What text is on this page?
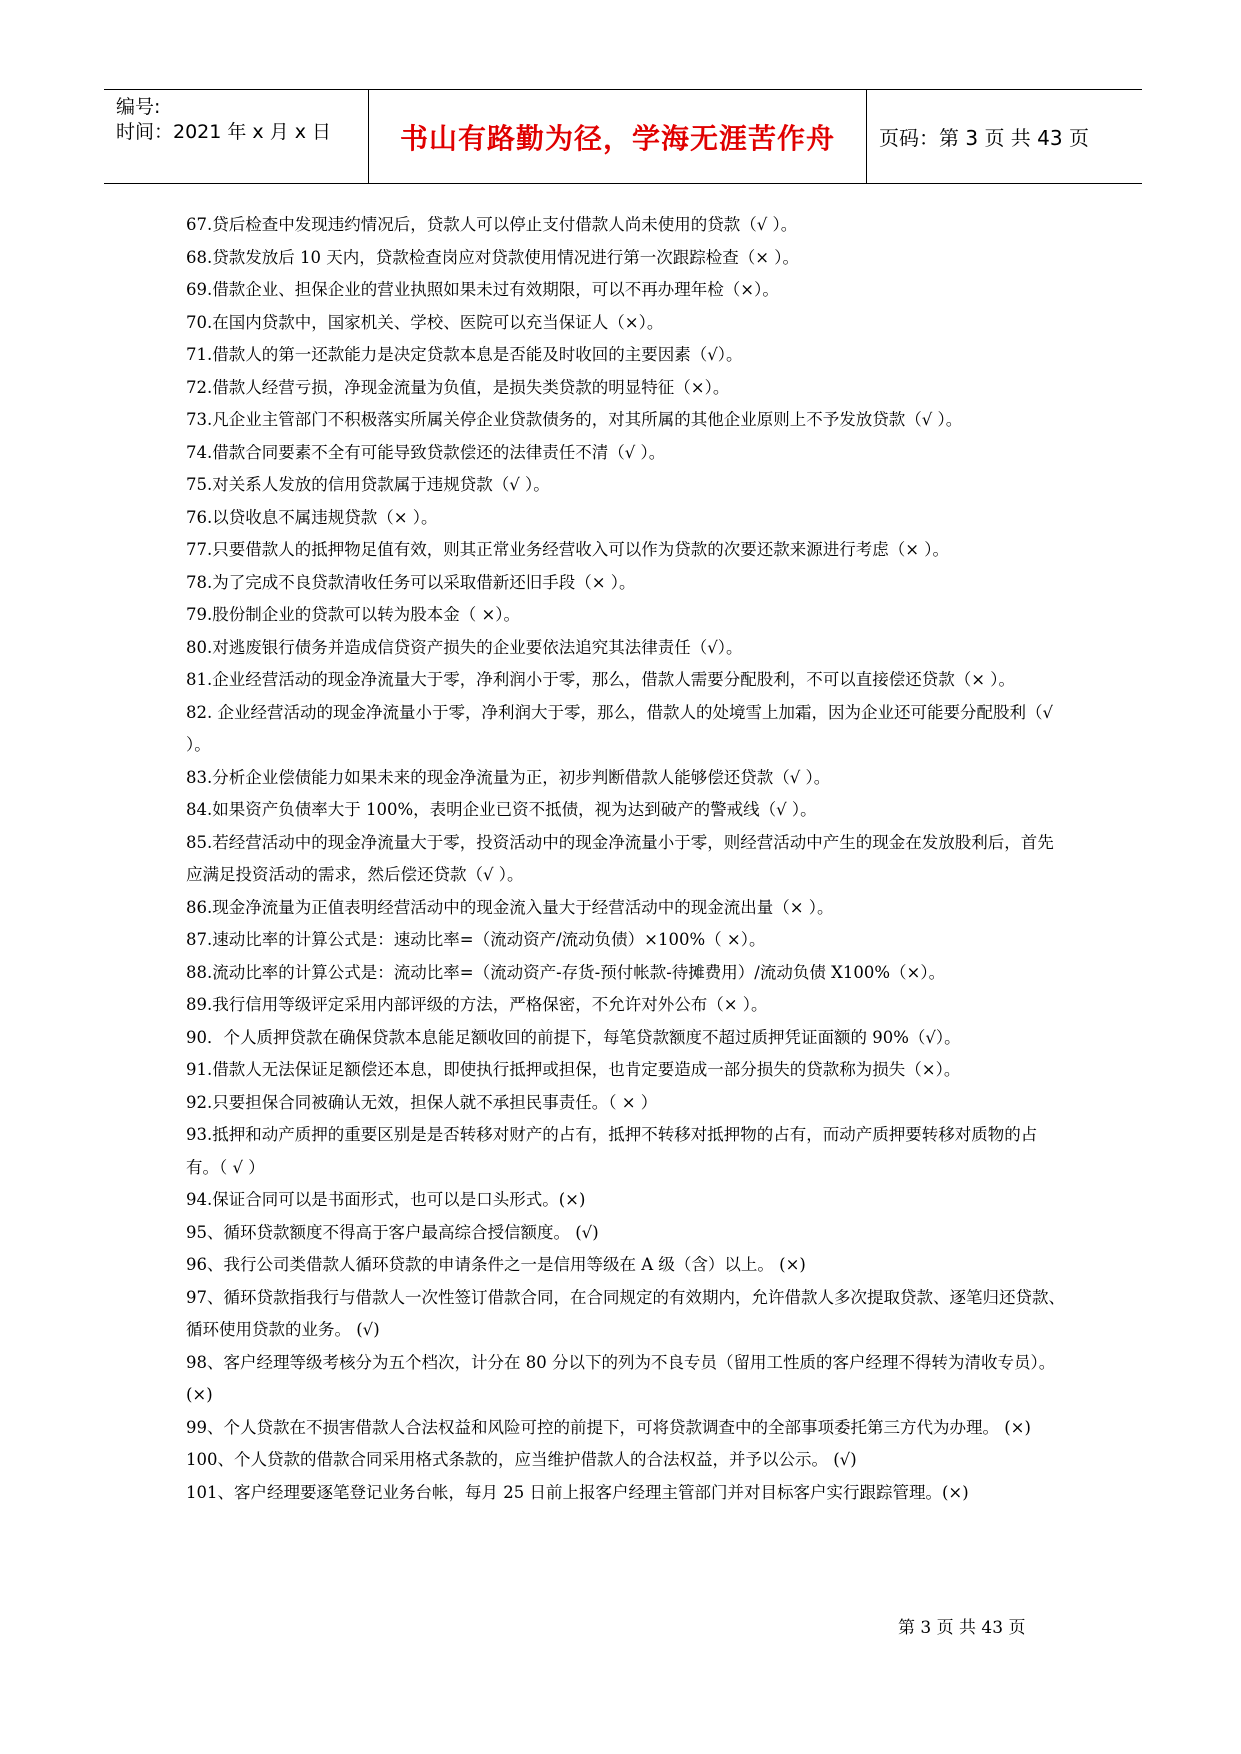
编号:
时间：2021 年 x 月 x 日 书山有路勤为径，学海无涯苦作舟 页码：第 3 页 共 43 页

67.贷后检查中发现违约情况后，贷款人可以停止支付借款人尚未使用的贷款（√ ）。

68.贷款发放后 10 天内，贷款检查岗应对贷款使用情况进行第一次跟踪检查（× ）。

69.借款企业、担保企业的营业执照如果未过有效期限，可以不再办理年检（×）。

70.在国内贷款中，国家机关、学校、医院可以充当保证人（×）。

71.借款人的第一还款能力是决定贷款本息是否能及时收回的主要因素（√）。

72.借款人经营亏损，净现金流量为负值，是损失类贷款的明显特征（×）。

73.凡企业主管部门不积极落实所属关停企业贷款债务的，对其所属的其他企业原则上不予发放贷款（√ ）。

74.借款合同要素不全有可能导致贷款偿还的法律责任不清（√ ）。

75.对关系人发放的信用贷款属于违规贷款（√ ）。

76.以贷收息不属违规贷款（× ）。

77.只要借款人的抵押物足值有效，则其正常业务经营收入可以作为贷款的次要还款来源进行考虑（× ）。

78.为了完成不良贷款清收任务可以采取借新还旧手段（× ）。

79.股份制企业的贷款可以转为股本金（ ×）。

80.对逃废银行债务并造成信贷资产损失的企业要依法追究其法律责任（√）。

81.企业经营活动的现金净流量大于零，净利润小于零，那么，借款人需要分配股利，不可以直接偿还贷款（× ）。

82. 企业经营活动的现金净流量小于零，净利润大于零，那么，借款人的处境雪上加霜，因为企业还可能要分配股利（√ ）。

83.分析企业偿债能力如果未来的现金净流量为正，初步判断借款人能够偿还贷款（√ ）。

84.如果资产负债率大于 100%，表明企业已资不抵债，视为达到破产的警戒线（√ ）。

85.若经营活动中的现金净流量大于零，投资活动中的现金净流量小于零，则经营活动中产生的现金在发放股利后，首先应满足投资活动的需求，然后偿还贷款（√ ）。

86.现金净流量为正值表明经营活动中的现金流入量大于经营活动中的现金流出量（× ）。

87.速动比率的计算公式是：速动比率=（流动资产/流动负债）×100%（ ×）。

88.流动比率的计算公式是：流动比率=（流动资产-存货-预付帐款-待摊费用）/流动负债 X100%（×）。

89.我行信用等级评定采用内部评级的方法，严格保密，不允许对外公布（× ）。

90．个人质押贷款在确保贷款本息能足额收回的前提下，每笔贷款额度不超过质押凭证面额的 90%（√）。

91.借款人无法保证足额偿还本息，即使执行抵押或担保，也肯定要造成一部分损失的贷款称为损失（×）。

92.只要担保合同被确认无效，担保人就不承担民事责任。（ × ）

93.抵押和动产质押的重要区别是是否转移对财产的占有，抵押不转移对抵押物的占有，而动产质押要转移对质物的占有。（ √ ）

94.保证合同可以是书面形式，也可以是口头形式。(×)

95、循环贷款额度不得高于客户最高综合授信额度。 (√)

96、我行公司类借款人循环贷款的申请条件之一是信用等级在 A 级（含）以上。 (×)

97、循环贷款指我行与借款人一次性签订借款合同，在合同规定的有效期内，允许借款人多次提取贷款、逐笔归还贷款、循环使用贷款的业务。 (√)

98、客户经理等级考核分为五个档次，计分在 80 分以下的列为不良专员（留用工性质的客户经理不得转为清收专员）。 (×)

99、个人贷款在不损害借款人合法权益和风险可控的前提下，可将贷款调查中的全部事项委托第三方代为办理。 (×)

100、个人贷款的借款合同采用格式条款的，应当维护借款人的合法权益，并予以公示。 (√)

101、客户经理要逐笔登记业务台帐，每月 25 日前上报客户经理主管部门并对目标客户实行跟踪管理。(×)

第 3 页 共 43 页
